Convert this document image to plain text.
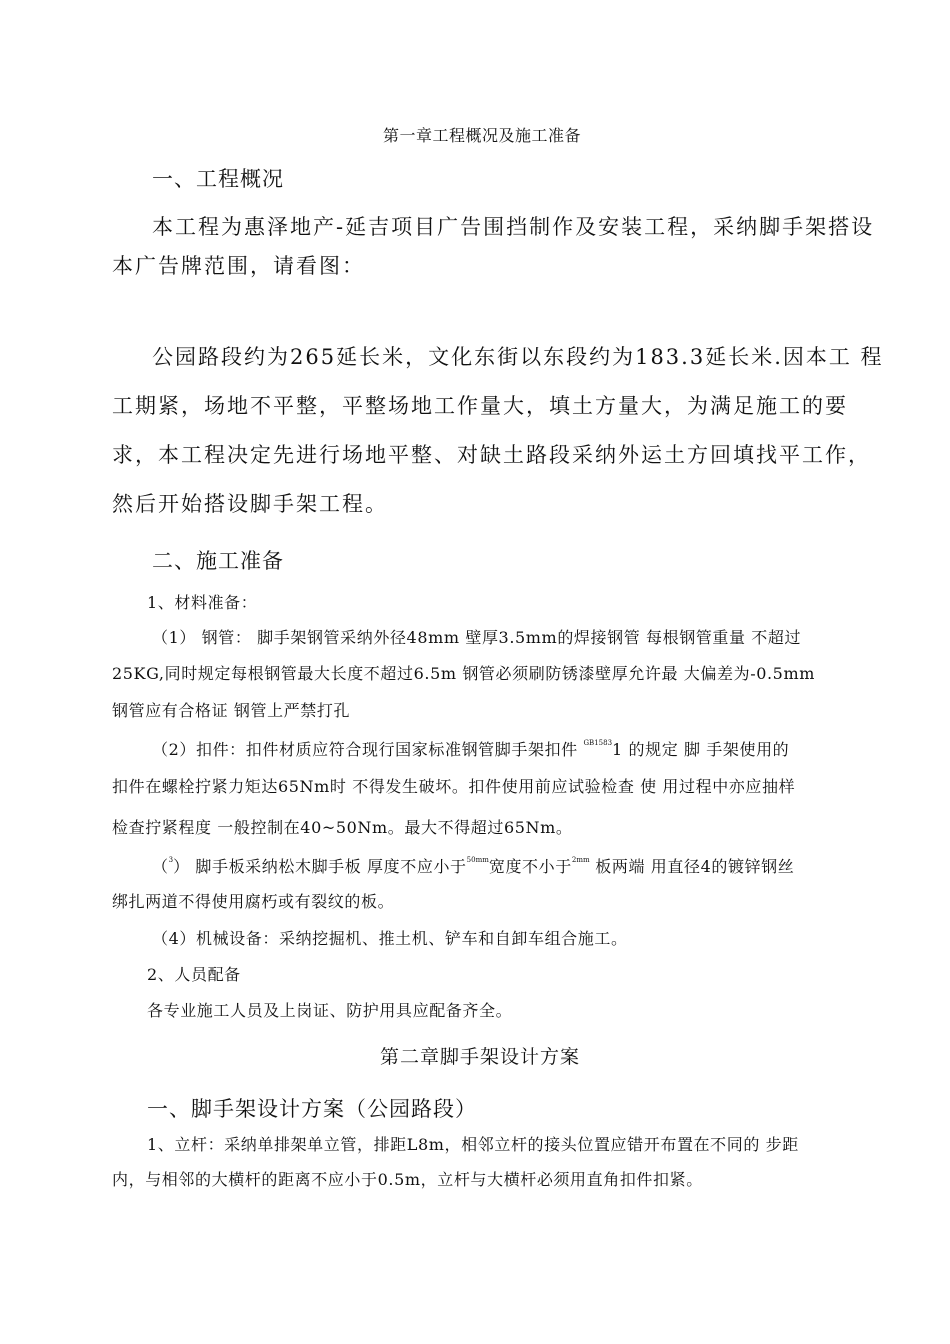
第一章工程概况及施工准备
一、工程概况
本工程为惠泽地产-延吉项目广告围挡制作及安装工程，采纳脚手架搭设
本广告牌范围，请看图：
公园路段约为265延长米，文化东街以东段约为183.3延长米.因本工 程
工期紧，场地不平整，平整场地工作量大，填土方量大，为满足施工的要
求，本工程决定先进行场地平整、对缺土路段采纳外运土方回填找平工作，
然后开始搭设脚手架工程。
二、施工准备
1、材料准备：
（1） 钢管： 脚手架钢管采纳外径48mm 壁厚3.5mm的焊接钢管 每根钢管重量 不超过
25KG,同时规定每根钢管最大长度不超过6.5m 钢管必须刷防锈漆壁厚允许最 大偏差为-0.5mm
钢管应有合格证 钢管上严禁打孔
（2）扣件：扣件材质应符合现行国家标准钢管脚手架扣件 $^{GB1583}$1 的规定 脚 手架使用的
扣件在螺栓拧紧力矩达65Nm时 不得发生破坏。扣件使用前应试验检查 使 用过程中亦应抽样
检查拧紧程度 一般控制在40~50Nm。最大不得超过65Nm。
（$^3$） 脚手板采纳松木脚手板 厚度不应小于$^{50mm}$宽度不小于$^{2mm}$ 板两端 用直径4的镀锌钢丝
绑扎两道不得使用腐朽或有裂纹的板。
（4）机械设备：采纳挖掘机、推土机、铲车和自卸车组合施工。
2、人员配备
各专业施工人员及上岗证、防护用具应配备齐全。
第二章脚手架设计方案
一、脚手架设计方案（公园路段）
1、立杆：采纳单排架单立管，排距L8m，相邻立杆的接头位置应错开布置在不同的 步距
内，与相邻的大横杆的距离不应小于0.5m，立杆与大横杆必须用直角扣件扣紧。
